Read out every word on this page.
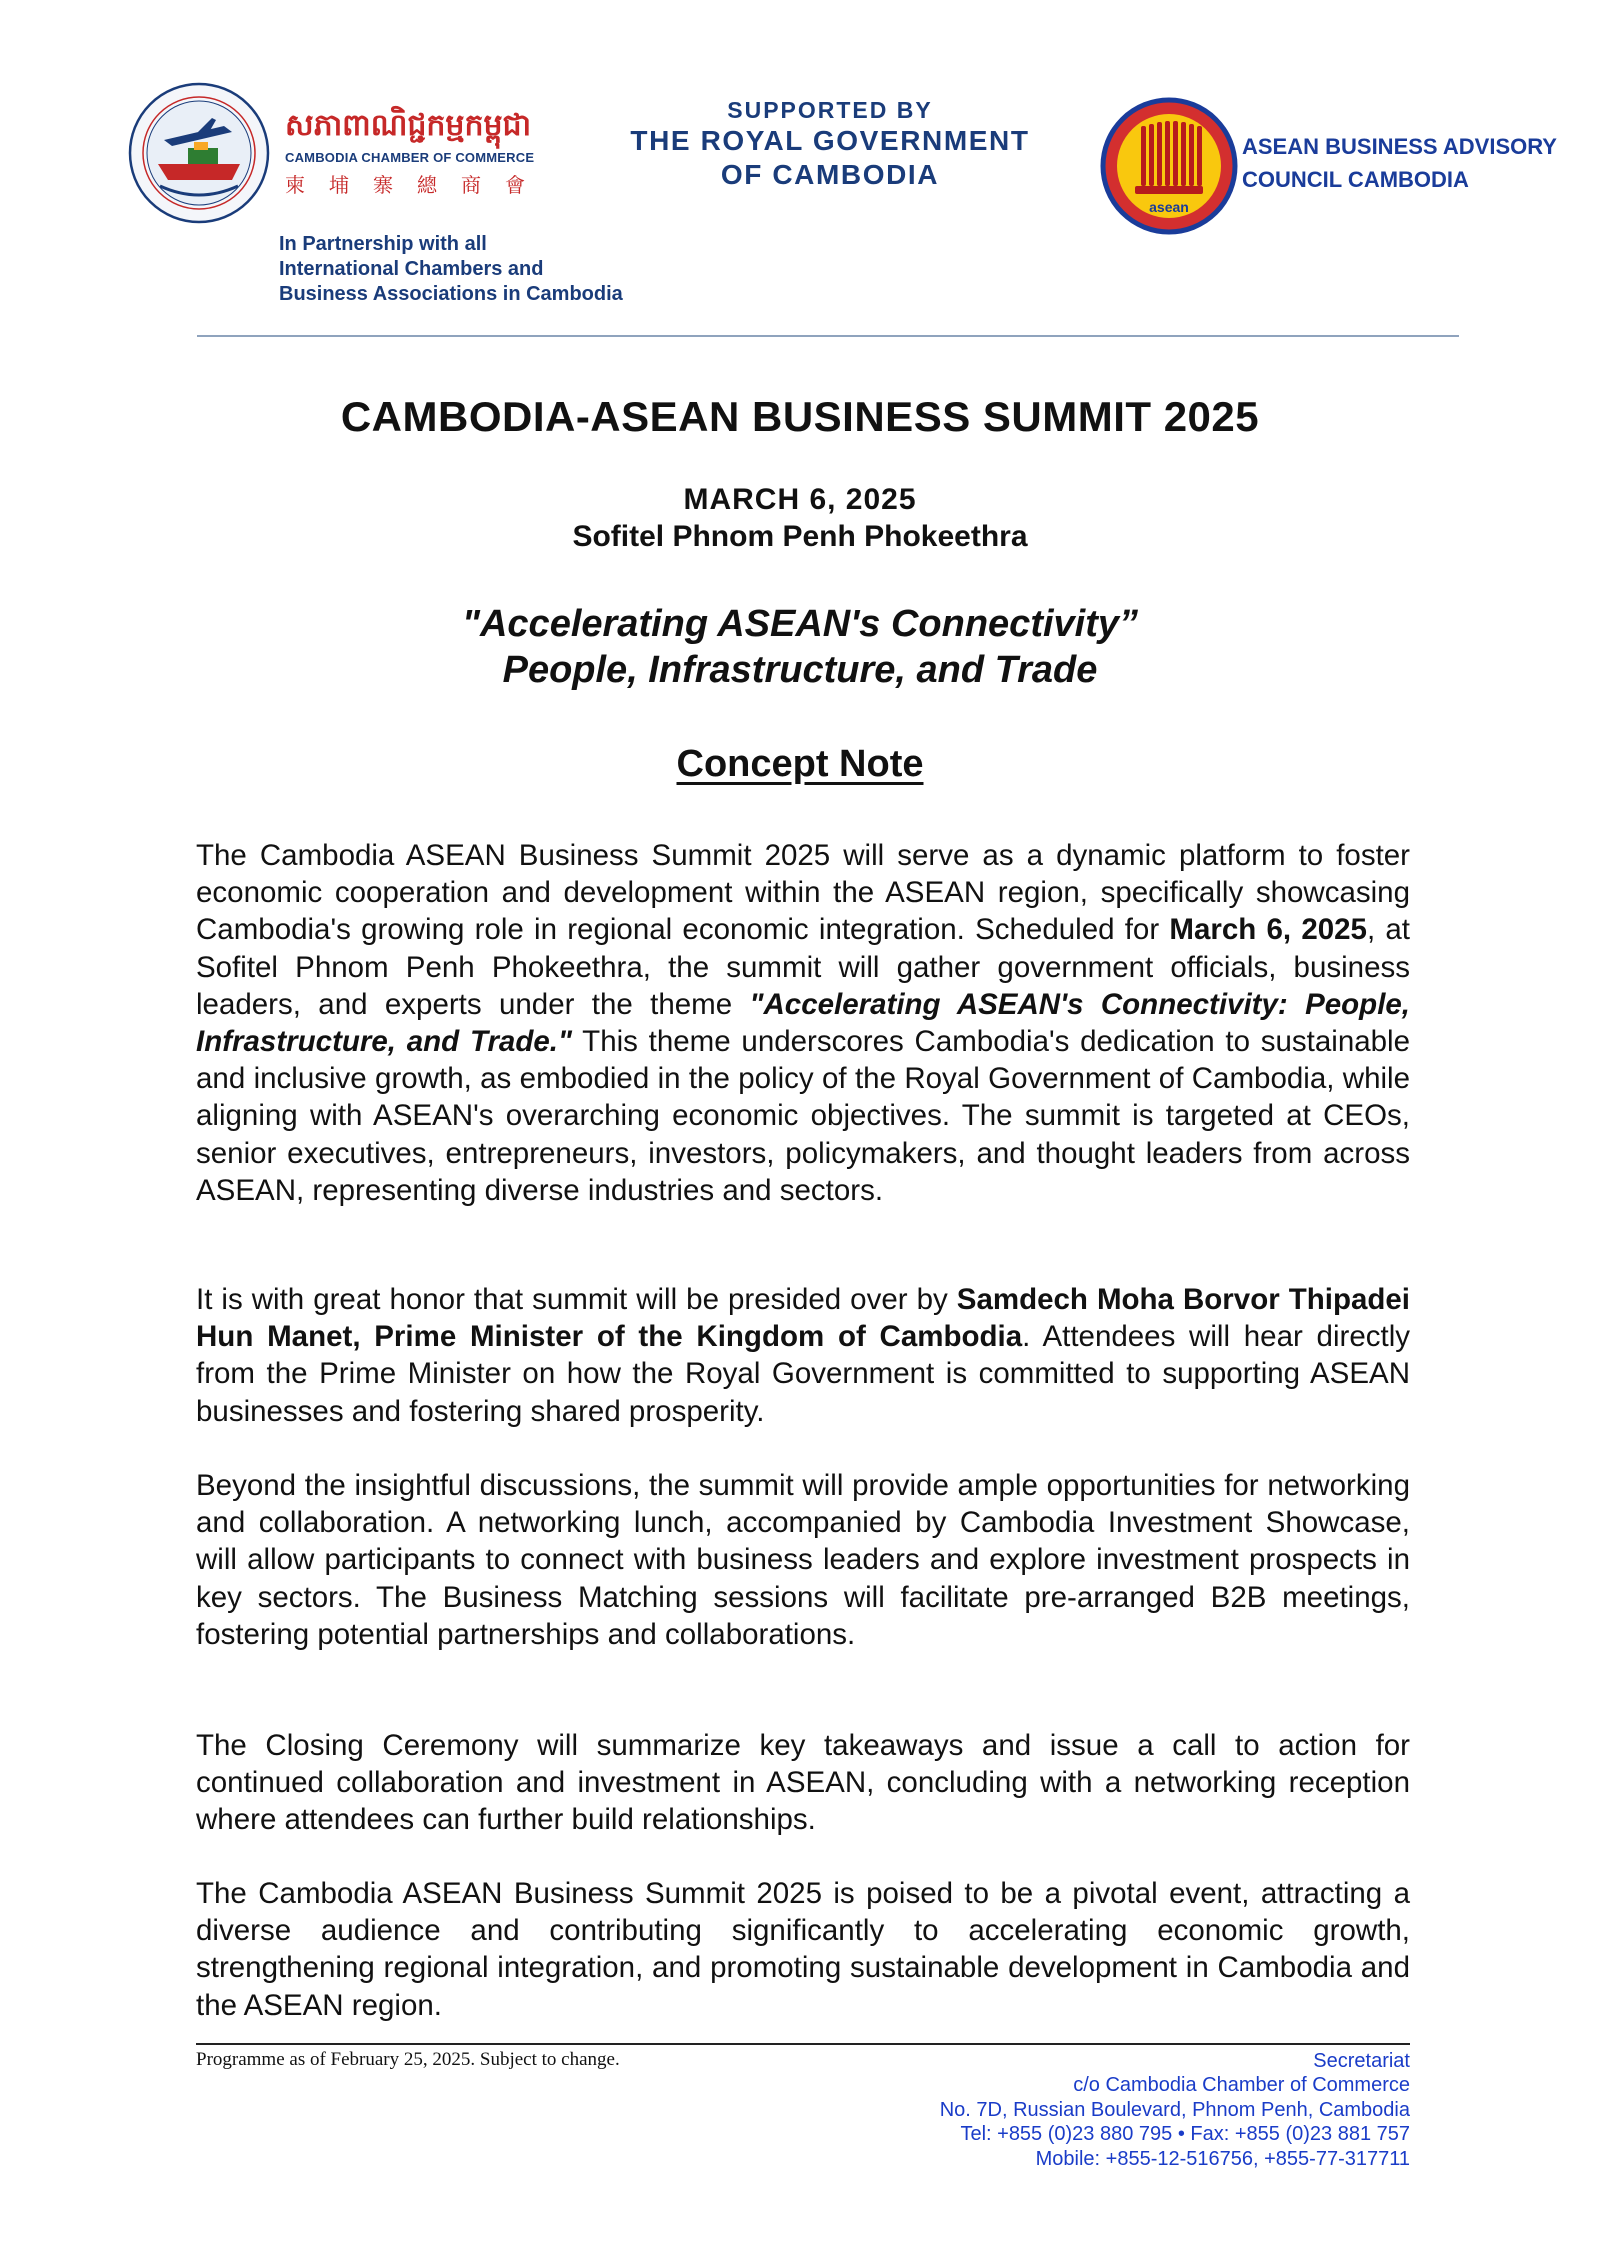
សភាពាណិជ្ជកម្មកម្ពុជា
CAMBODIA CHAMBER OF COMMERCE
柬埔寨總商會
In Partnership with all
International Chambers and
Business Associations in Cambodia
SUPPORTED BY
THE ROYAL GOVERNMENT
OF CAMBODIA
asean
ASEAN BUSINESS ADVISORY
COUNCIL CAMBODIA
CAMBODIA-ASEAN BUSINESS SUMMIT 2025
MARCH 6, 2025
Sofitel Phnom Penh Phokeethra
"Accelerating ASEAN's Connectivity”
People, Infrastructure, and Trade
Concept Note
The Cambodia ASEAN Business Summit 2025 will serve as a dynamic platform to foster economic cooperation and development within the ASEAN region, specifically showcasing Cambodia's growing role in regional economic integration. Scheduled for March 6, 2025, at Sofitel Phnom Penh Phokeethra, the summit will gather government officials, business leaders, and experts under the theme "Accelerating ASEAN's Connectivity: People, Infrastructure, and Trade." This theme underscores Cambodia's dedication to sustainable and inclusive growth, as embodied in the policy of the Royal Government of Cambodia, while aligning with ASEAN's overarching economic objectives. The summit is targeted at CEOs, senior executives, entrepreneurs, investors, policymakers, and thought leaders from across ASEAN, representing diverse industries and sectors.
It is with great honor that summit will be presided over by Samdech Moha Borvor Thipadei Hun Manet, Prime Minister of the Kingdom of Cambodia. Attendees will hear directly from the Prime Minister on how the Royal Government is committed to supporting ASEAN businesses and fostering shared prosperity.
Beyond the insightful discussions, the summit will provide ample opportunities for networking and collaboration. A networking lunch, accompanied by Cambodia Investment Showcase, will allow participants to connect with business leaders and explore investment prospects in key sectors. The Business Matching sessions will facilitate pre-arranged B2B meetings, fostering potential partnerships and collaborations.
The Closing Ceremony will summarize key takeaways and issue a call to action for continued collaboration and investment in ASEAN, concluding with a networking reception where attendees can further build relationships.
The Cambodia ASEAN Business Summit 2025 is poised to be a pivotal event, attracting a diverse audience and contributing significantly to accelerating economic growth, strengthening regional integration, and promoting sustainable development in Cambodia and the ASEAN region.
Programme as of February 25, 2025. Subject to change.	Secretariat
c/o Cambodia Chamber of Commerce
No. 7D, Russian Boulevard, Phnom Penh, Cambodia
Tel: +855 (0)23 880 795 • Fax: +855 (0)23 881 757
Mobile: +855-12-516756, +855-77-317711
